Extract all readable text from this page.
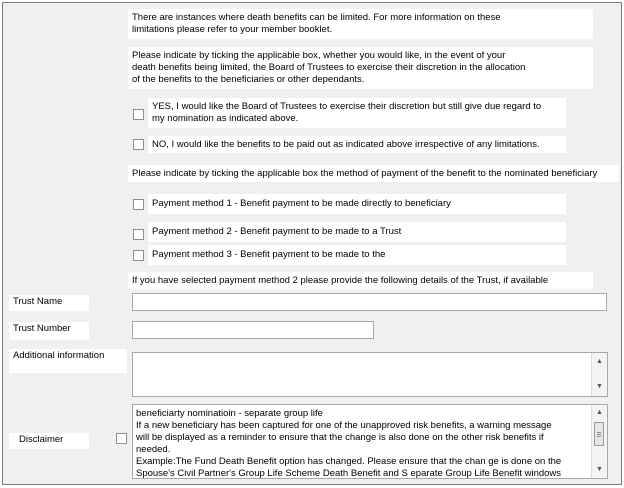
There are instances where death benefits can be limited. For more information on these
limitations please refer to your member booklet.
Please indicate by ticking the applicable box, whether you would like, in the event of your
death benefits being limited, the Board of Trustees to exercise their discretion in the allocation
of the benefits to the beneficiaries or other dependants.
YES, I would like the Board of Trustees to exercise their discretion but still give due regard to
my nomination as indicated above.
NO, I would like the benefits to be paid out as indicated above irrespective of any limitations.
Please indicate by ticking the applicable box the method of payment of the benefit to the nominated beneficiary
Payment method 1 - Benefit payment to be made directly to beneficiary
Payment method 2 - Benefit payment to be made to a Trust
Payment method 3 - Benefit payment to be made to the
If you have selected payment method 2 please provide the following details of the Trust, if available
Trust Name
Trust Number
Additional information
▲
▼
Disclaimer
beneficiarty nominatioin - separate group life
If a new beneficiary has been captured for one of the unapproved risk benefits, a warning message
will be displayed as a reminder to ensure that the change is also done on the other risk benefits if
needed.
Example:The Fund Death Benefit option has changed. Please ensure that the chan ge is done on the
Spouse's Civil Partner's Group Life Scheme Death Benefit and S eparate Group Life Benefit windows
▲
▼
